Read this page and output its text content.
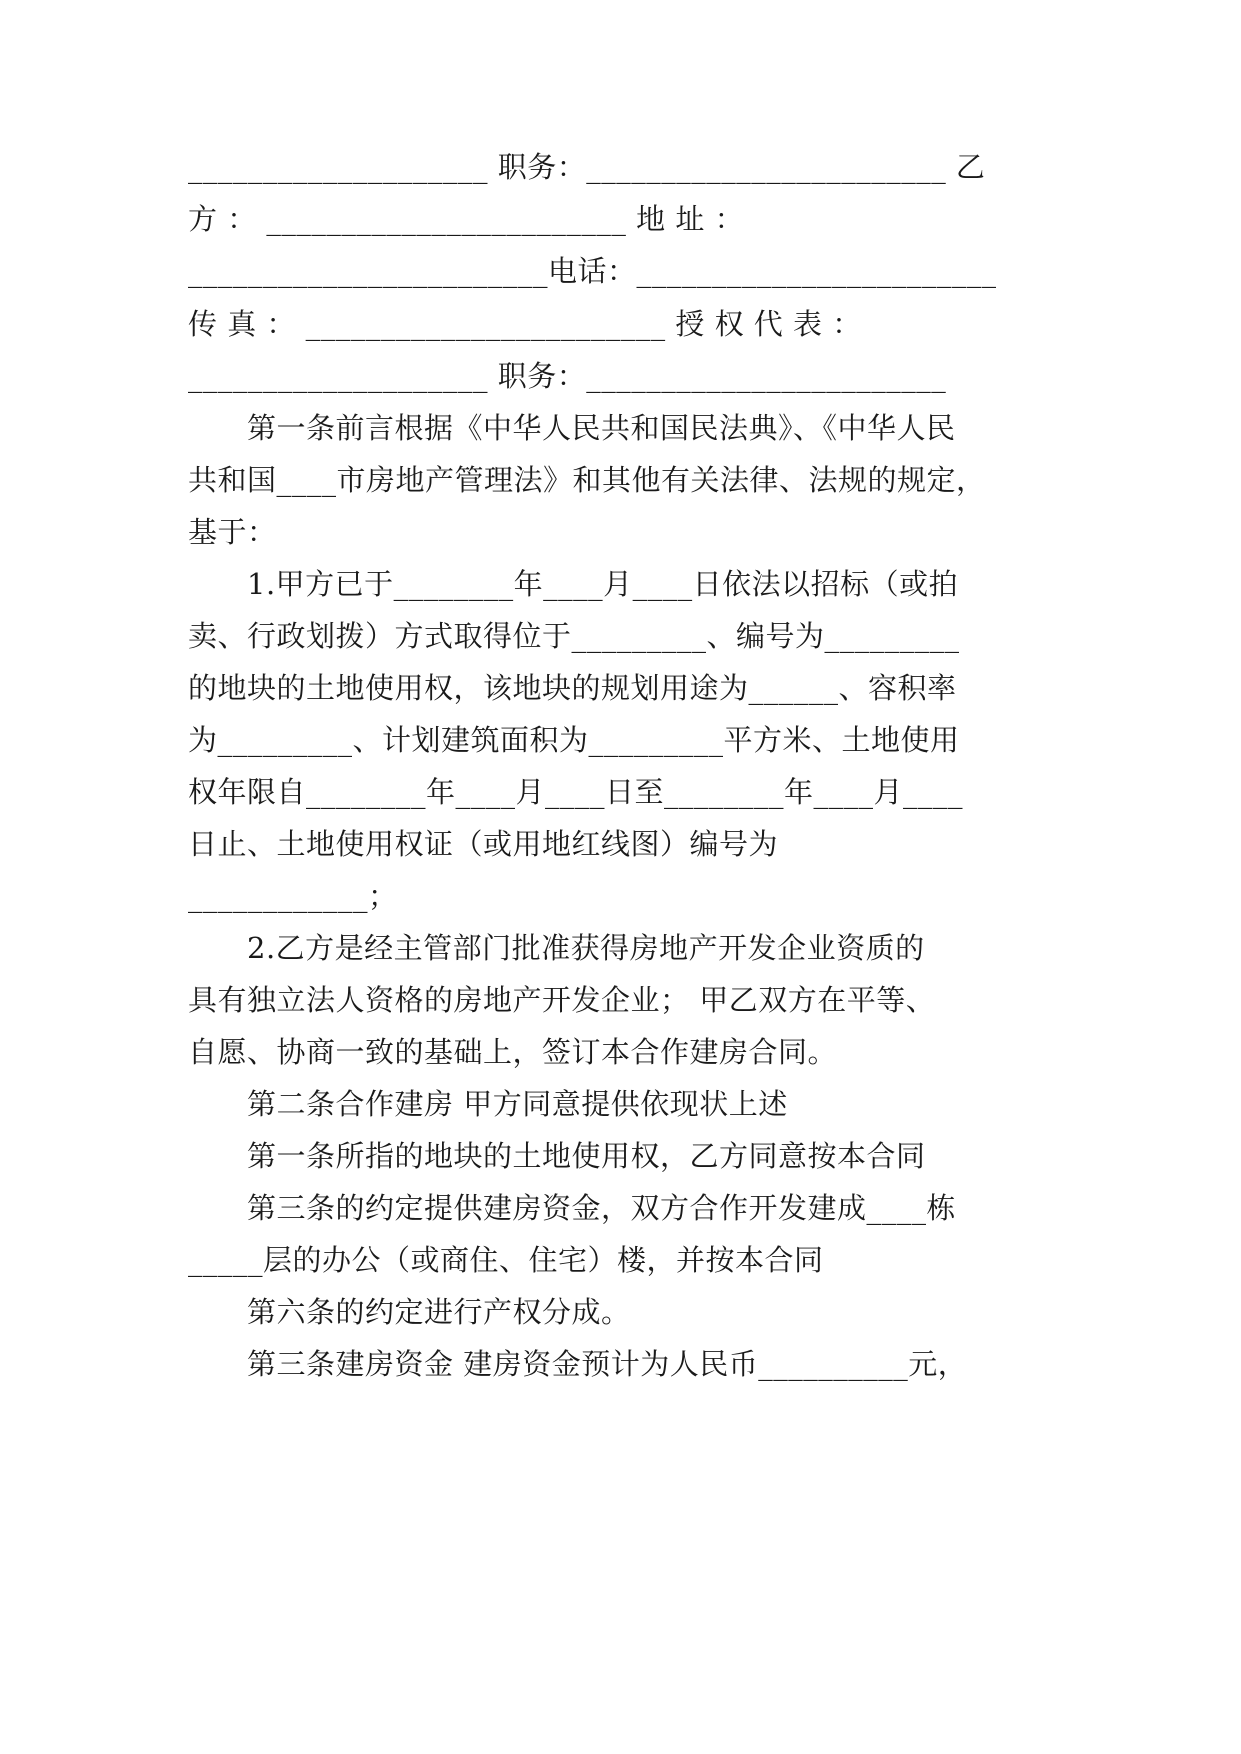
____________________ 职务：________________________ 乙
方 ： ________________________ 地 址 ：
________________________电话：________________________
传 真 ： ________________________ 授 权 代 表 ：
____________________ 职务：________________________
　　第一条前言根据《中华人民共和国民法典》、《中华人民
共和国____市房地产管理法》和其他有关法律、法规的规定，
基于：
　　1.甲方已于________年____月____日依法以招标（或拍
卖、行政划拨）方式取得位于_________、编号为_________
的地块的土地使用权，该地块的规划用途为______、容积率
为_________、计划建筑面积为_________平方米、土地使用
权年限自________年____月____日至________年____月____
日止、土地使用权证（或用地红线图）编号为
____________；
　　2.乙方是经主管部门批准获得房地产开发企业资质的
具有独立法人资格的房地产开发企业； 甲乙双方在平等、
自愿、协商一致的基础上，签订本合作建房合同。
　　第二条合作建房 甲方同意提供依现状上述
　　第一条所指的地块的土地使用权，乙方同意按本合同
　　第三条的约定提供建房资金，双方合作开发建成____栋
_____层的办公（或商住、住宅）楼，并按本合同
　　第六条的约定进行产权分成。
　　第三条建房资金 建房资金预计为人民币__________元，
